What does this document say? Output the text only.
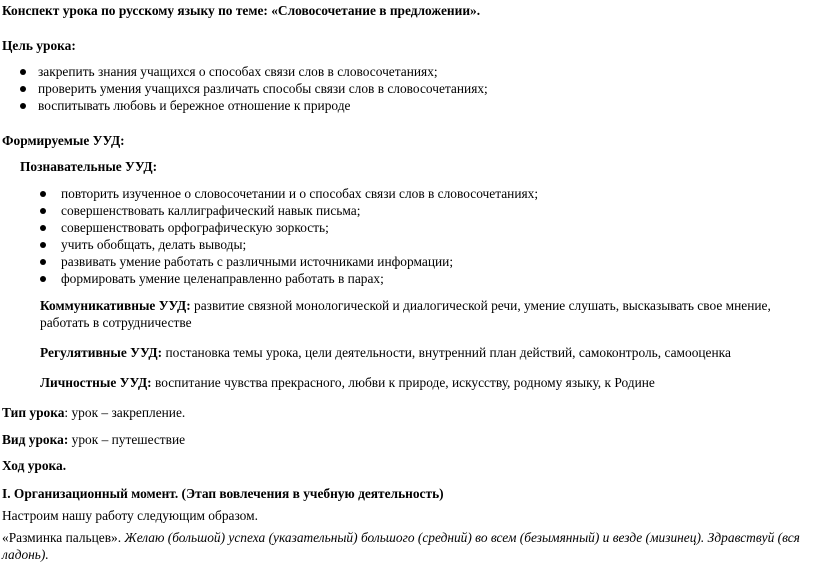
Конспект урока по русскому языку по теме: «Словосочетание в предложении».
Цель урока:
закрепить знания учащихся о способах связи слов в словосочетаниях;
проверить умения учащихся различать способы связи слов в словосочетаниях;
воспитывать любовь и бережное отношение к природе
Формируемые УУД:
Познавательные УУД:
повторить изученное о словосочетании и о способах связи слов в словосочетаниях;
совершенствовать каллиграфический навык письма;
совершенствовать орфографическую зоркость;
учить обобщать, делать выводы;
развивать умение работать с различными источниками информации;
формировать умение целенаправленно работать в парах;
Коммуникативные УУД: развитие связной монологической и диалогической речи, умение слушать, высказывать свое мнение,
работать в сотрудничестве
Регулятивные УУД: постановка темы урока, цели деятельности, внутренний план действий, самоконтроль, самооценка
Личностные УУД: воспитание чувства прекрасного, любви к природе, искусству, родному языку, к Родине
Тип урока: урок – закрепление.
Вид урока: урок – путешествие
Ход урока.
I. Организационный момент. (Этап вовлечения в учебную деятельность)
Настроим нашу работу следующим образом.
«Разминка пальцев». Желаю (большой) успеха (указательный) большого (средний) во всем (безымянный) и везде (мизинец). Здравствуй (вся
ладонь).
